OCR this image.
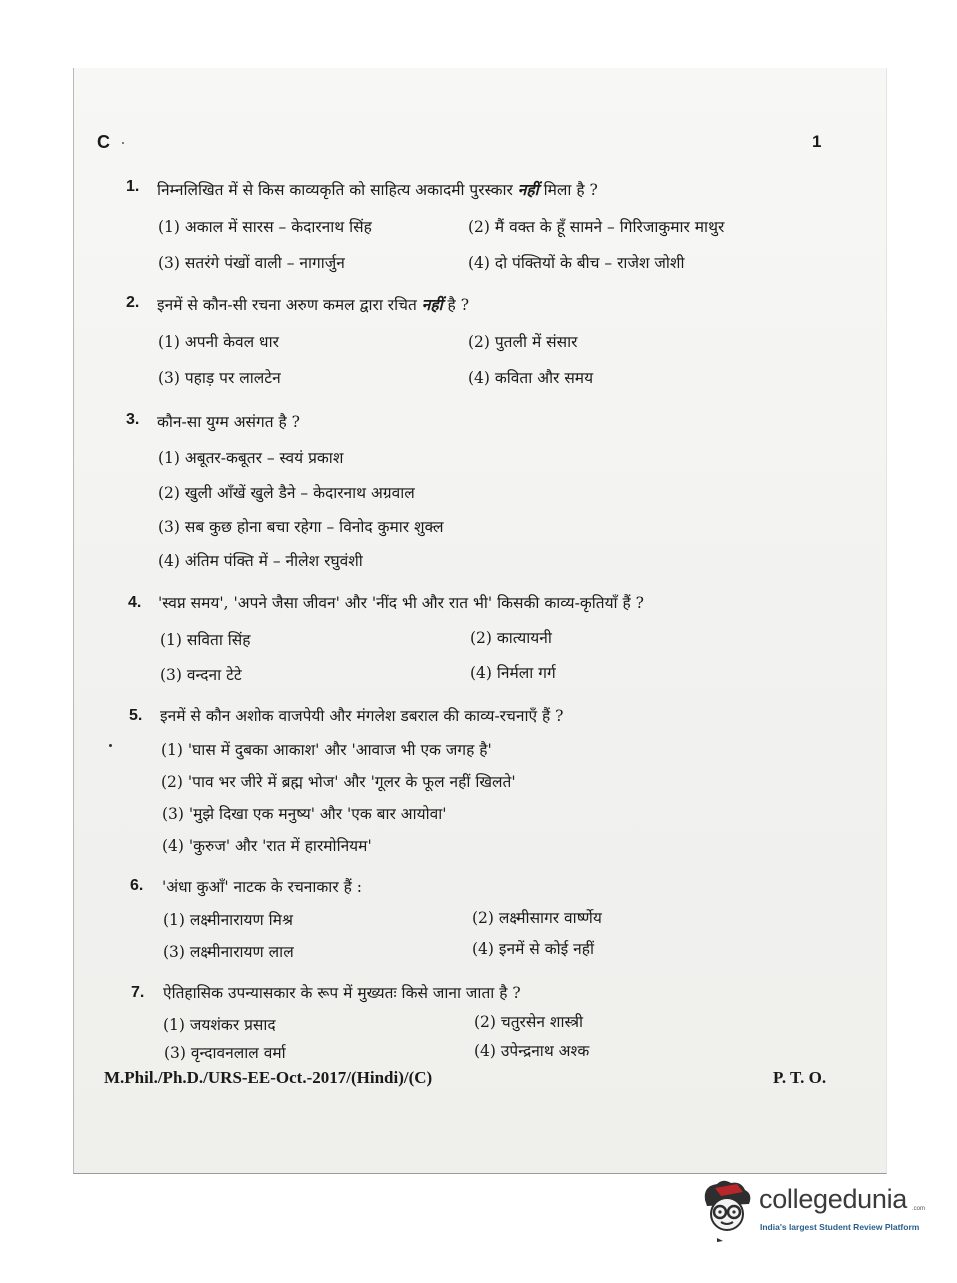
C	1
1. निम्नलिखित में से किस काव्यकृति को साहित्य अकादमी पुरस्कार नहीं मिला है ?
(1) अकाल में सारस – केदारनाथ सिंह	(2) मैं वक्त के हूँ सामने – गिरिजाकुमार माथुर
(3) सतरंगे पंखों वाली – नागार्जुन	(4) दो पंक्तियों के बीच – राजेश जोशी
2. इनमें से कौन-सी रचना अरुण कमल द्वारा रचित नहीं है ?
(1) अपनी केवल धार	(2) पुतली में संसार
(3) पहाड़ पर लालटेन	(4) कविता और समय
3. कौन-सा युग्म असंगत है ?
(1) अबूतर-कबूतर – स्वयं प्रकाश
(2) खुली आँखें खुले डैने – केदारनाथ अग्रवाल
(3) सब कुछ होना बचा रहेगा – विनोद कुमार शुक्ल
(4) अंतिम पंक्ति में – नीलेश रघुवंशी
4. 'स्वप्न समय', 'अपने जैसा जीवन' और 'नींद भी और रात भी' किसकी काव्य-कृतियाँ हैं ?
(1) सविता सिंह	(2) कात्यायनी
(3) वन्दना टेटे	(4) निर्मला गर्ग
5. इनमें से कौन अशोक वाजपेयी और मंगलेश डबराल की काव्य-रचनाएँ हैं ?
(1) 'घास में दुबका आकाश' और 'आवाज भी एक जगह है'
(2) 'पाव भर जीरे में ब्रह्म भोज' और 'गूलर के फूल नहीं खिलते'
(3) 'मुझे दिखा एक मनुष्य' और 'एक बार आयोवा'
(4) 'कुरुज' और 'रात में हारमोनियम'
6. 'अंधा कुआँ' नाटक के रचनाकार हैं :
(1) लक्ष्मीनारायण मिश्र	(2) लक्ष्मीसागर वार्ष्णेय
(3) लक्ष्मीनारायण लाल	(4) इनमें से कोई नहीं
7. ऐतिहासिक उपन्यासकार के रूप में मुख्यतः किसे जाना जाता है ?
(1) जयशंकर प्रसाद	(2) चतुरसेन शास्त्री
(3) वृन्दावनलाल वर्मा	(4) उपेन्द्रनाथ अश्क
M.Phil./Ph.D./URS-EE-Oct.-2017/(Hindi)/(C)	P. T. O.
collegedunia .com
India's largest Student Review Platform
